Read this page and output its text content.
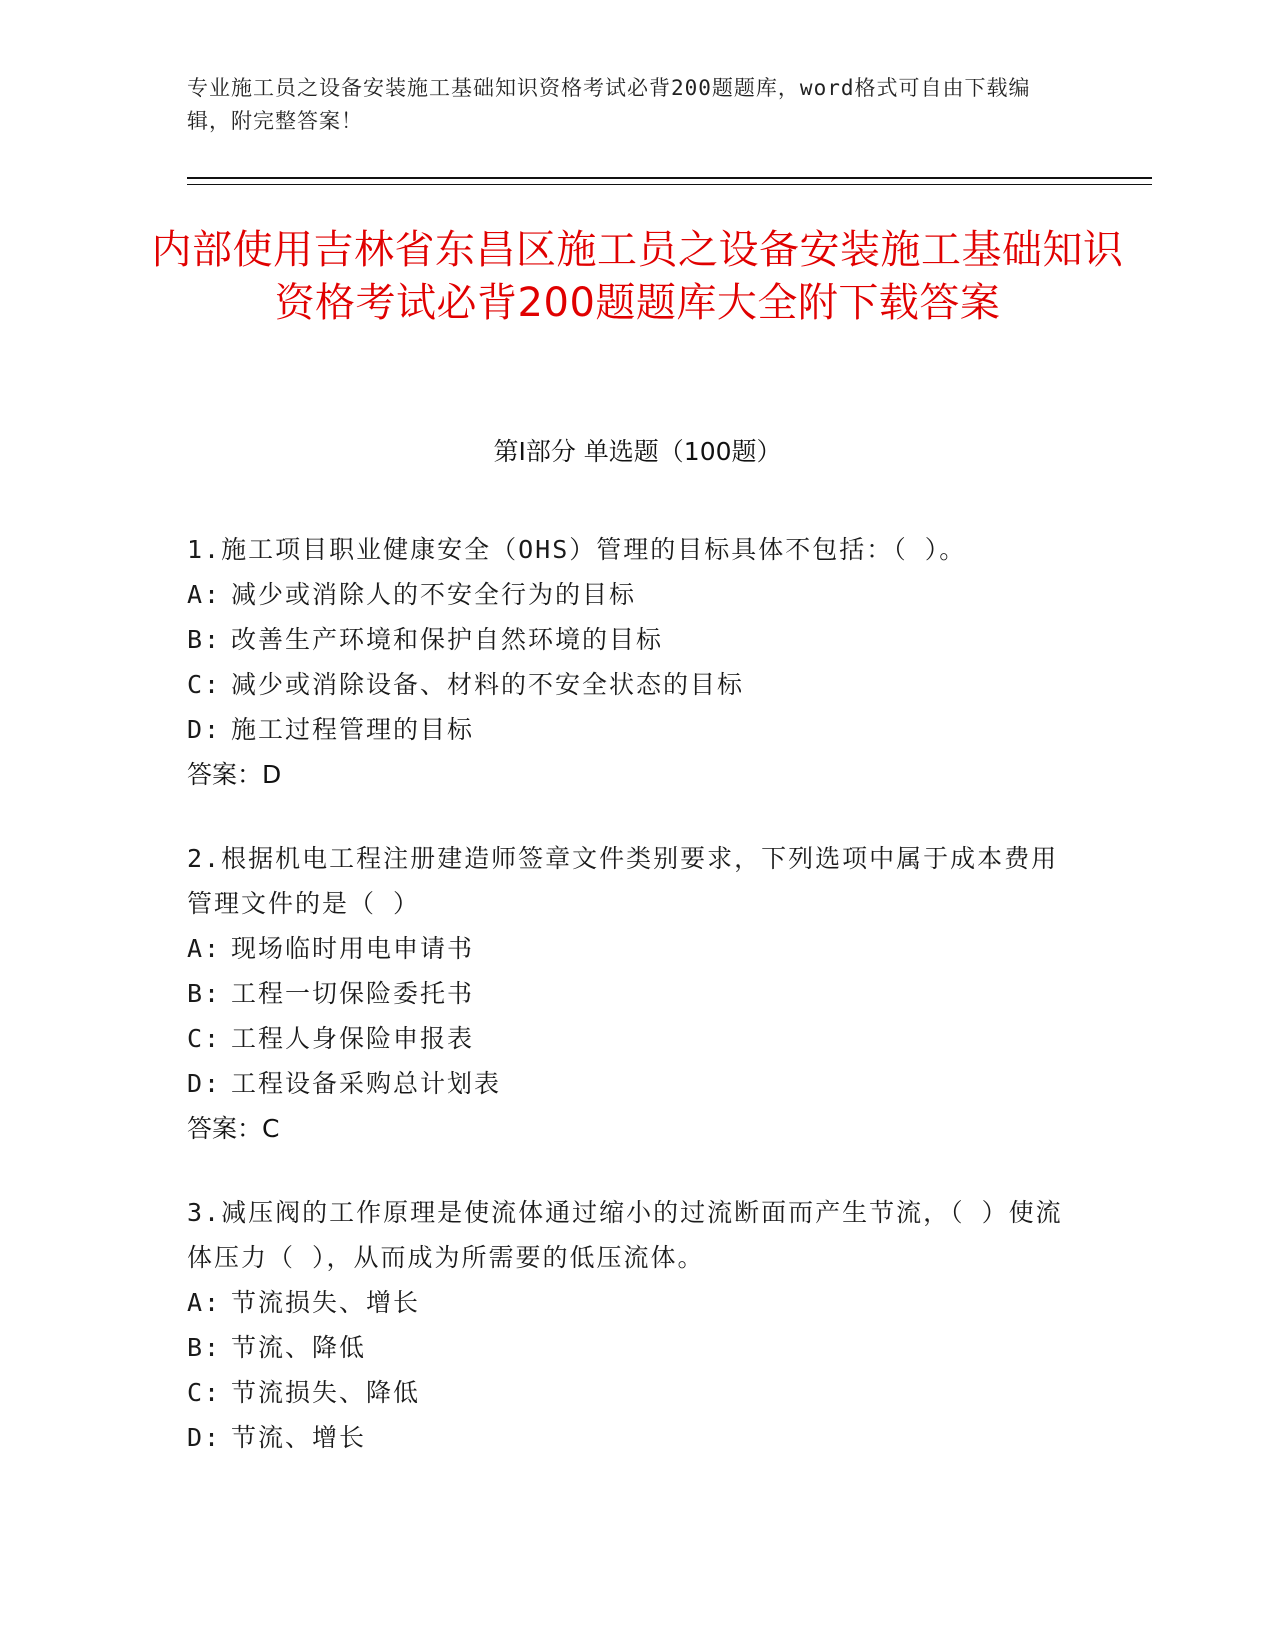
专业施工员之设备安装施工基础知识资格考试必背200题题库，word格式可自由下载编辑，附完整答案！
内部使用吉林省东昌区施工员之设备安装施工基础知识资格考试必背200题题库大全附下载答案
第Ⅰ部分 单选题（100题）
1.施工项目职业健康安全（OHS）管理的目标具体不包括：（ ）。
A: 减少或消除人的不安全行为的目标
B: 改善生产环境和保护自然环境的目标
C: 减少或消除设备、材料的不安全状态的目标
D: 施工过程管理的目标
答案：D
2.根据机电工程注册建造师签章文件类别要求，下列选项中属于成本费用管理文件的是（ ）
A: 现场临时用电申请书
B: 工程一切保险委托书
C: 工程人身保险申报表
D: 工程设备采购总计划表
答案：C
3.减压阀的工作原理是使流体通过缩小的过流断面而产生节流，（ ）使流体压力（ ），从而成为所需要的低压流体。
A: 节流损失、增长
B: 节流、降低
C: 节流损失、降低
D: 节流、增长
